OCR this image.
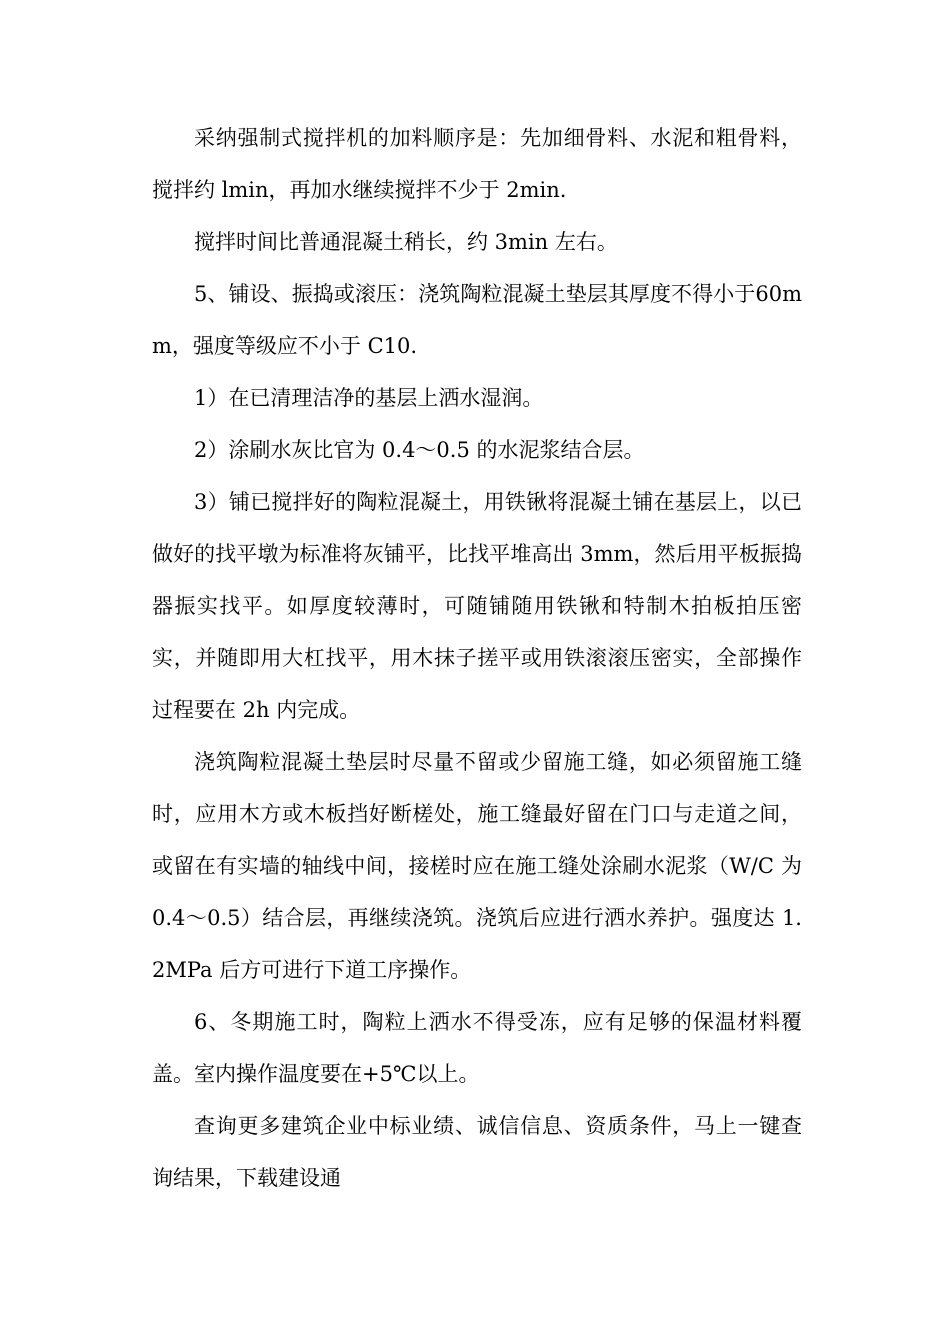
采纳强制式搅拌机的加料顺序是：先加细骨料、水泥和粗骨料，搅拌约 lmin，再加水继续搅拌不少于 2min.

搅拌时间比普通混凝土稍长，约 3min 左右。

5、铺设、振捣或滚压：浇筑陶粒混凝土垫层其厚度不得小于60mm，强度等级应不小于 C10.

1）在已清理洁净的基层上洒水湿润。

2）涂刷水灰比官为 0.4～0.5 的水泥浆结合层。

3）铺已搅拌好的陶粒混凝土，用铁锹将混凝土铺在基层上，以已做好的找平墩为标准将灰铺平，比找平堆高出 3mm，然后用平板振捣器振实找平。如厚度较薄时，可随铺随用铁锹和特制木拍板拍压密实，并随即用大杠找平，用木抹子搓平或用铁滚滚压密实，全部操作过程要在 2h 内完成。

浇筑陶粒混凝土垫层时尽量不留或少留施工缝，如必须留施工缝时，应用木方或木板挡好断槎处，施工缝最好留在门口与走道之间，或留在有实墙的轴线中间，接槎时应在施工缝处涂刷水泥浆（W/C 为 0.4～0.5）结合层，再继续浇筑。浇筑后应进行洒水养护。强度达 1.2MPa 后方可进行下道工序操作。

6、冬期施工时，陶粒上洒水不得受冻，应有足够的保温材料覆盖。室内操作温度要在+5℃以上。

查询更多建筑企业中标业绩、诚信信息、资质条件，马上一键查询结果，下载建设通
